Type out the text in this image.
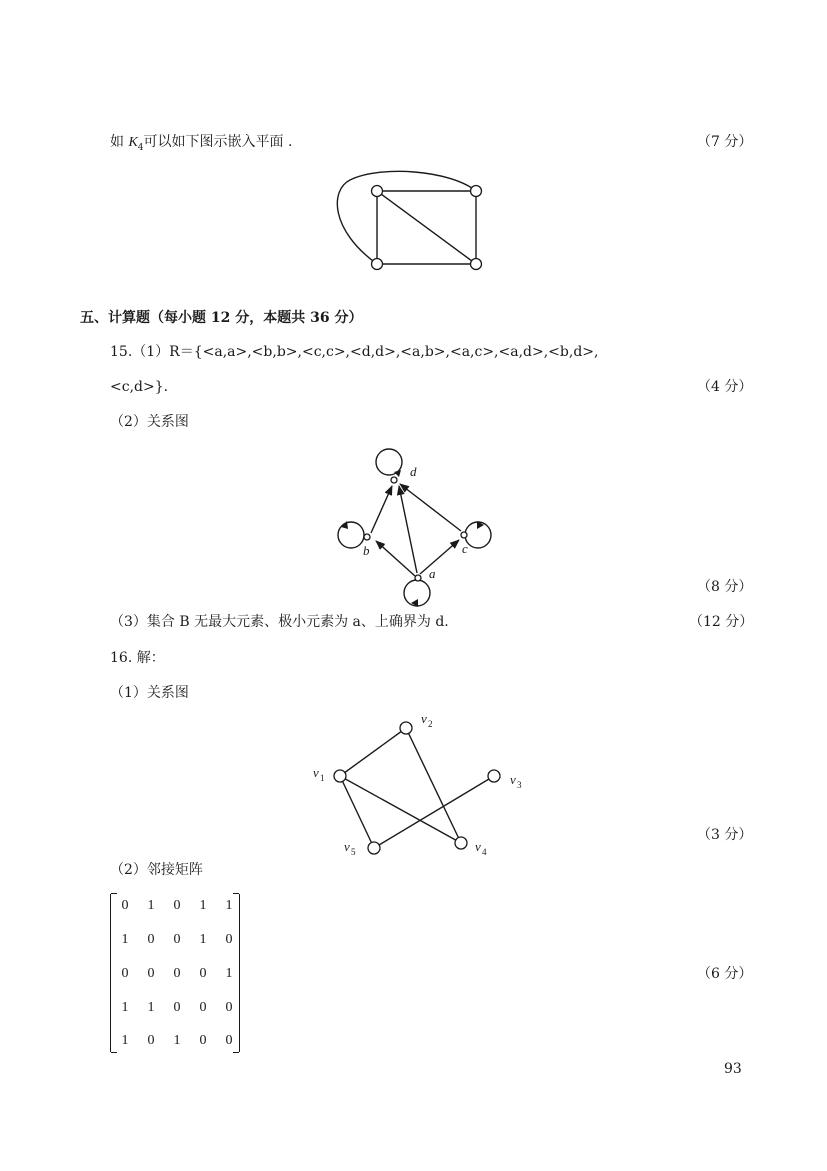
如 $K_4$可以如下图示嵌入平面 .	（7 分）
d
b	c
a
v 2
v 1	v 3
v 4
v 5
五、计算题（每小题 12 分，本题共 36 分）
15.（1）R＝{<a,a>,<b,b>,<c,c>,<d,d>,<a,b>,<a,c>,<a,d>,<b,d>,
<c,d>}.	（4 分）
（2）关系图
（8 分）
（3）集合 B 无最大元素、极小元素为 a、上确界为 d.	（12 分）
16. 解：
（1）关系图
（3 分）
（2）邻接矩阵
（6 分）
0 1 0 1 1
1 0 0 1 0
0 0 0 0 1
1 1 0 0 0
1 0 1 0 0
93
